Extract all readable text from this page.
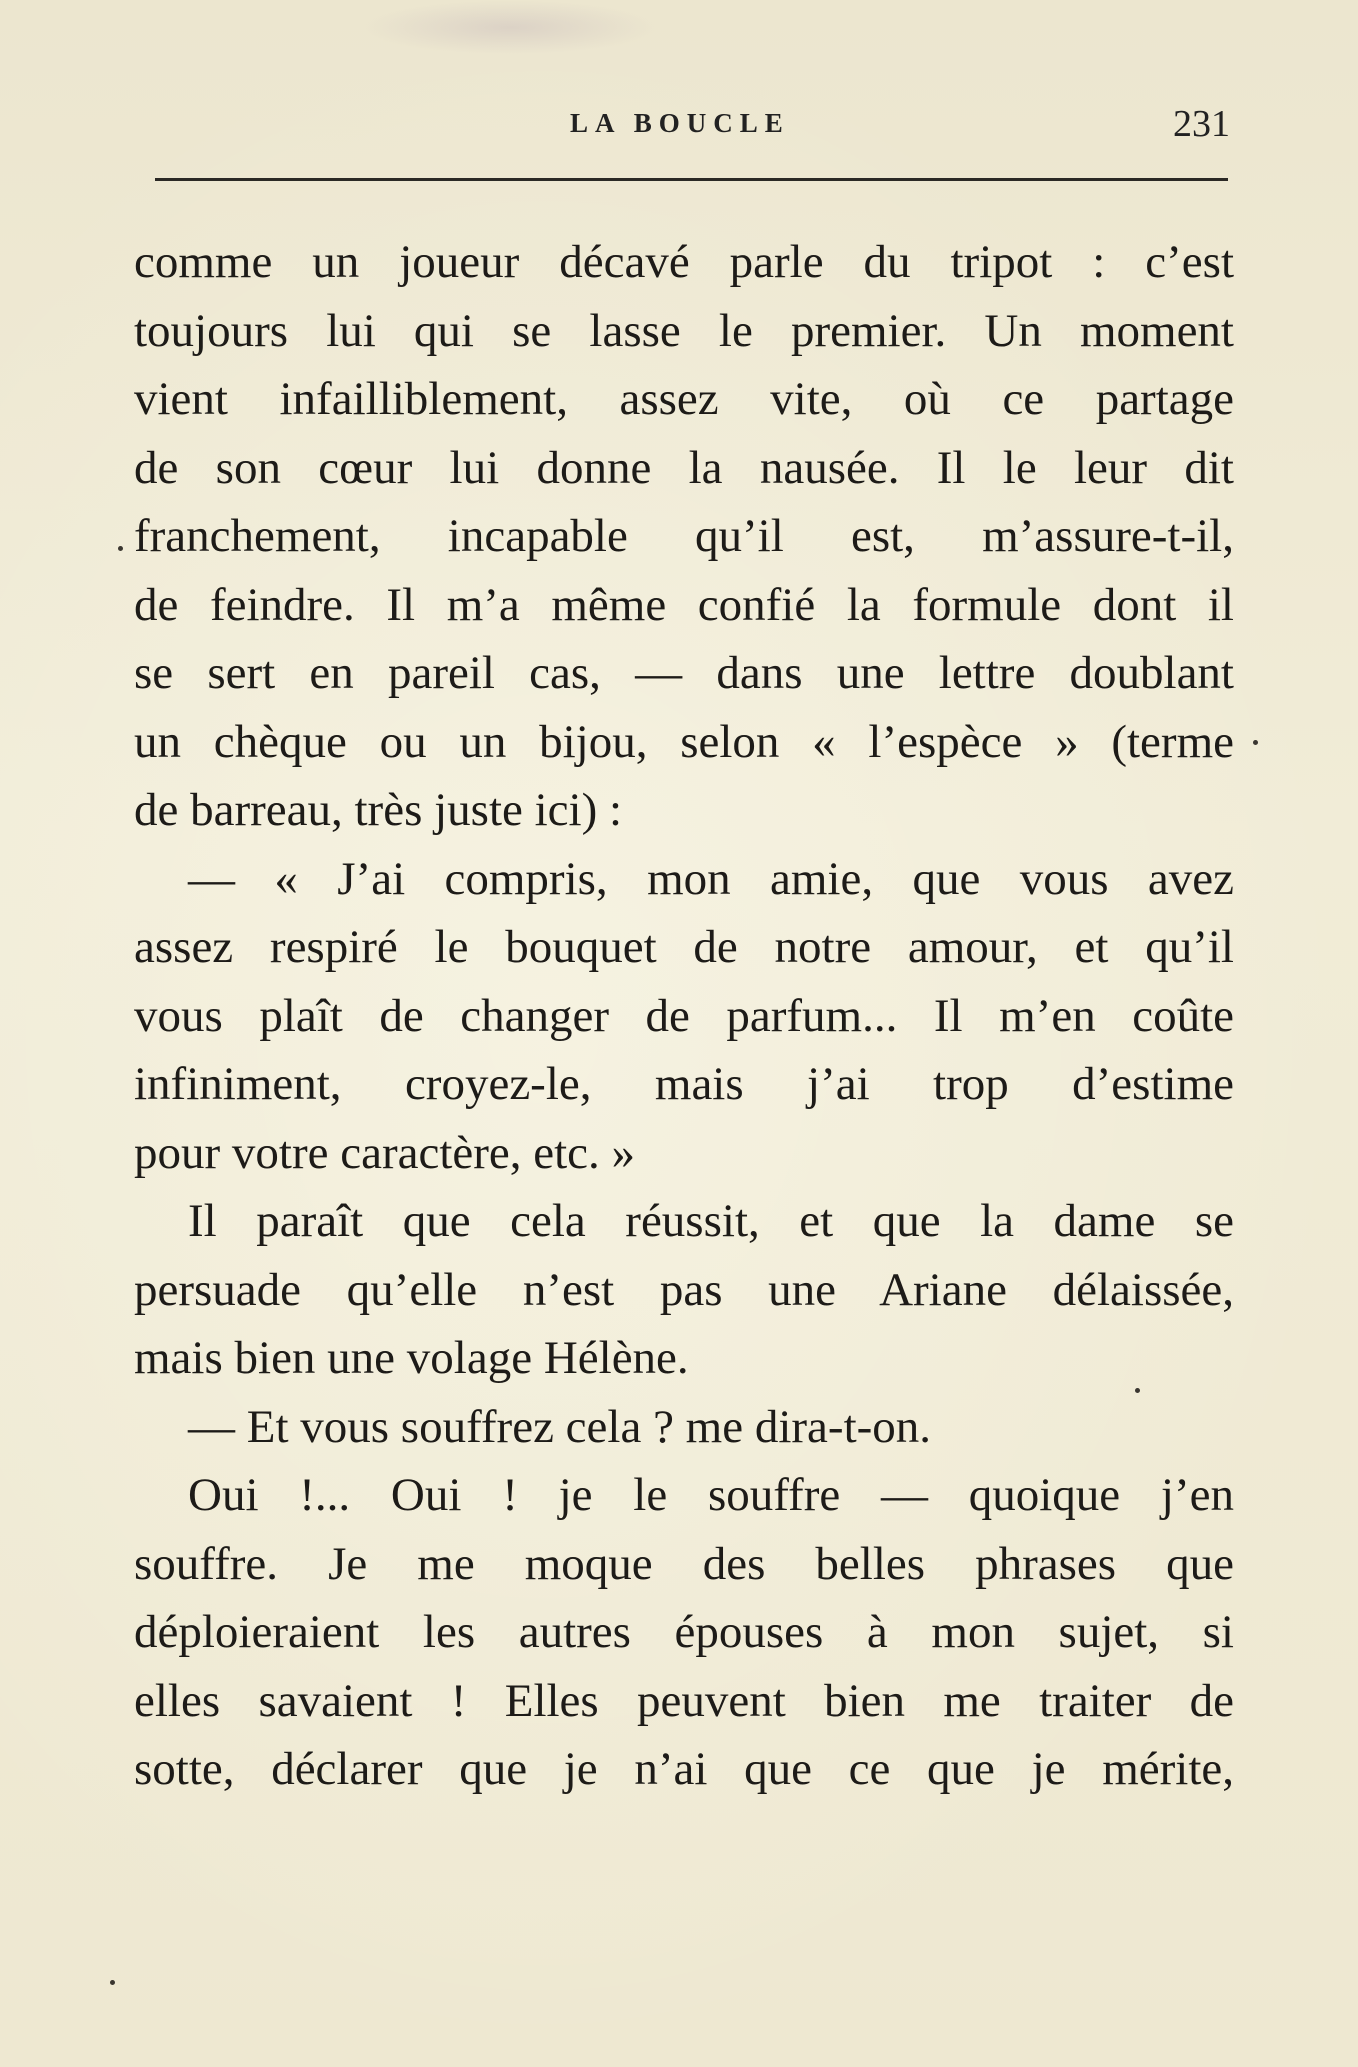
LA BOUCLE	231
comme un joueur décavé parle du tripot : c’est
toujours lui qui se lasse le premier. Un moment
vient infailliblement, assez vite, où ce partage
de son cœur lui donne la nausée. Il le leur dit
franchement, incapable qu’il est, m’assure-t-il,
de feindre. Il m’a même confié la formule dont il
se sert en pareil cas, — dans une lettre doublant
un chèque ou un bijou, selon « l’espèce » (terme
de barreau, très juste ici) :
— « J’ai compris, mon amie, que vous avez
assez respiré le bouquet de notre amour, et qu’il
vous plaît de changer de parfum... Il m’en coûte
infiniment, croyez-le, mais j’ai trop d’estime
pour votre caractère, etc. »
Il paraît que cela réussit, et que la dame se
persuade qu’elle n’est pas une Ariane délaissée,
mais bien une volage Hélène.
— Et vous souffrez cela ? me dira-t-on.
Oui !... Oui ! je le souffre — quoique j’en
souffre. Je me moque des belles phrases que
déploieraient les autres épouses à mon sujet, si
elles savaient ! Elles peuvent bien me traiter de
sotte, déclarer que je n’ai que ce que je mérite,
